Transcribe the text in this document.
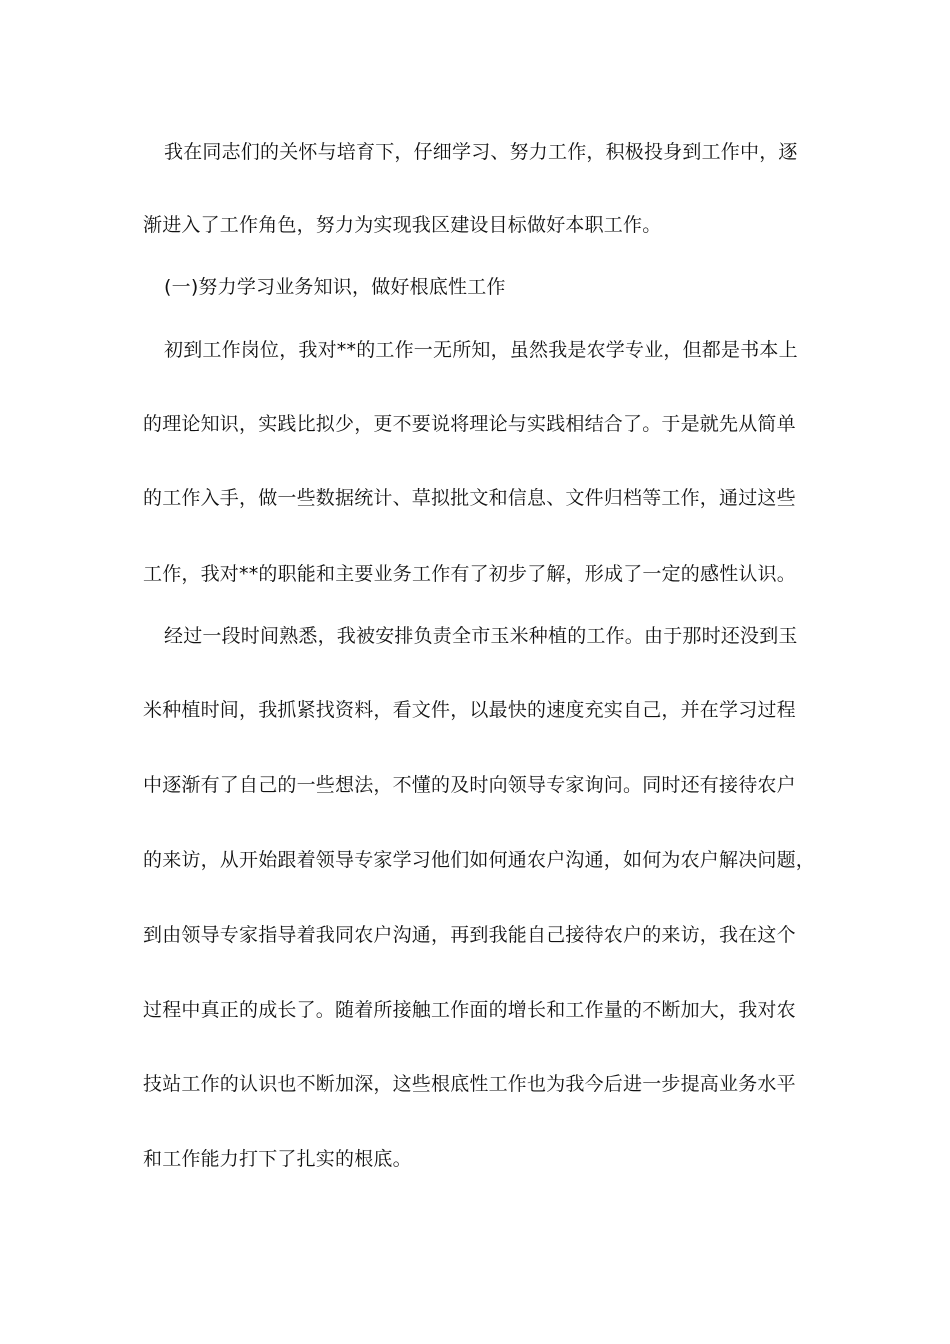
我在同志们的关怀与培育下，仔细学习、努力工作，积极投身到工作中，逐
渐进入了工作角色，努力为实现我区建设目标做好本职工作。
(一)努力学习业务知识，做好根底性工作
初到工作岗位，我对**的工作一无所知，虽然我是农学专业，但都是书本上
的理论知识，实践比拟少，更不要说将理论与实践相结合了。于是就先从简单
的工作入手，做一些数据统计、草拟批文和信息、文件归档等工作，通过这些
工作，我对**的职能和主要业务工作有了初步了解，形成了一定的感性认识。
经过一段时间熟悉，我被安排负责全市玉米种植的工作。由于那时还没到玉
米种植时间，我抓紧找资料，看文件，以最快的速度充实自己，并在学习过程
中逐渐有了自己的一些想法，不懂的及时向领导专家询问。同时还有接待农户
的来访，从开始跟着领导专家学习他们如何通农户沟通，如何为农户解决问题，
到由领导专家指导着我同农户沟通，再到我能自己接待农户的来访，我在这个
过程中真正的成长了。随着所接触工作面的增长和工作量的不断加大，我对农
技站工作的认识也不断加深，这些根底性工作也为我今后进一步提高业务水平
和工作能力打下了扎实的根底。
